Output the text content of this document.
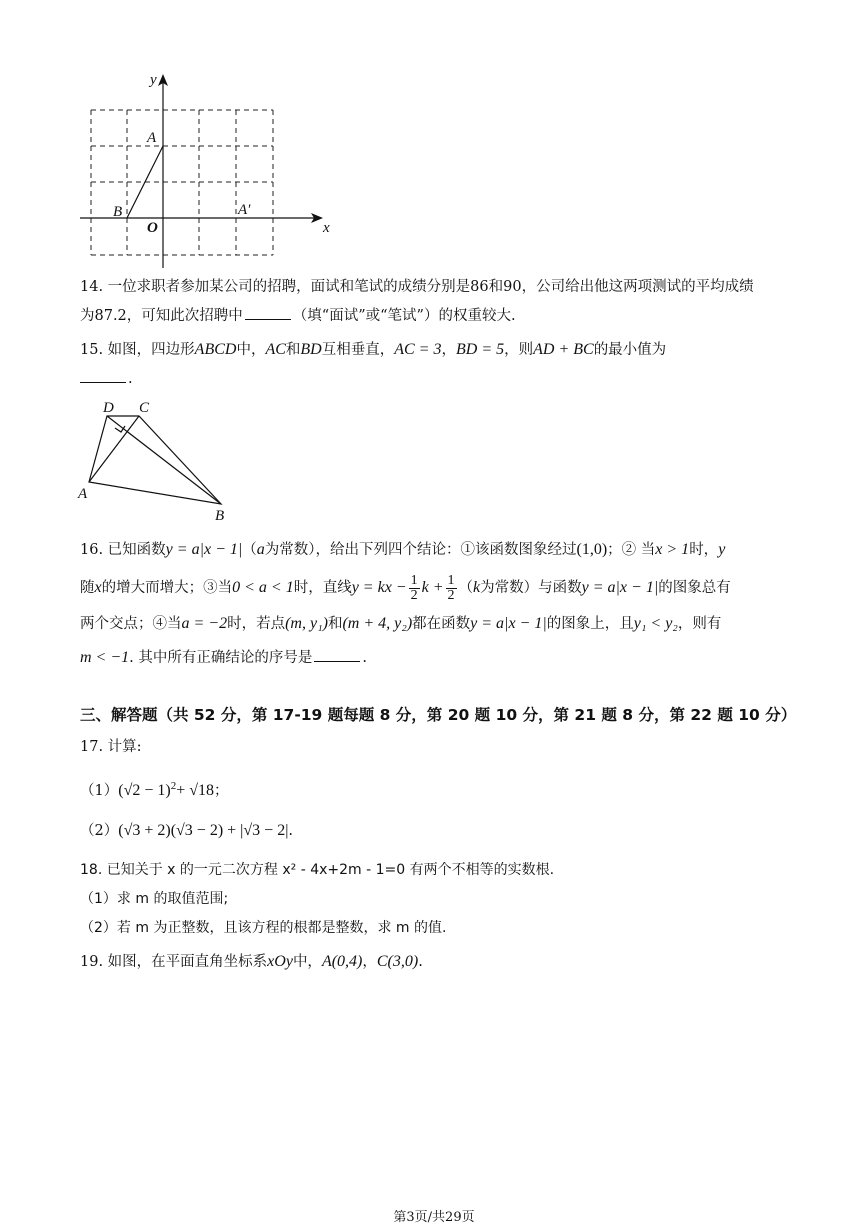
x
y
A
B
O
A′
14. 一位求职者参加某公司的招聘，面试和笔试的成绩分别是86和90，公司给出他这两项测试的平均成绩
为87.2，可知此次招聘中	（填“面试”或“笔试”）的权重较大.
15. 如图，四边形ABCD中，AC和BD互相垂直，AC = 3，BD = 5，则AD + BC的最小值为
.
D C
A
B
16. 已知函数y = a|x − 1|（a为常数），给出下列四个结论：①该函数图象经过(1,0)；② 当x > 1时，y
随x的增大而增大；③当0 < a < 1时，直线y = kx − $\frac{1}{2}$ $k + \frac{1}{2} (k$为常数）与函数y = a|x − 1|的图象总有
两个交点；④当a = −2时，若点(m, y₁)和(m + 4, y₂)都在函数y = a|x − 1|的图象上，且y₁ < y₂，则有
m < −1. 其中所有正确结论的序号是	.
三、解答题（共 52 分，第 17-19 题每题 8 分，第 20 题 10 分，第 21 题 8 分，第 22 题 10 分）
17. 计算:
$(1)(√2 - 1)^2+ √18$；
（2）(√3 + 2)(√3 − 2) + |√3 − 2|.
18. 已知关于 x 的一元二次方程 x² - 4x+2m - 1=0 有两个不相等的实数根.
（1）求 m 的取值范围;
（2）若 m 为正整数，且该方程的根都是整数，求 m 的值.
19. 如图，在平面直角坐标系xOy中，A(0,4)，C(3,0).
第3页/共29页
